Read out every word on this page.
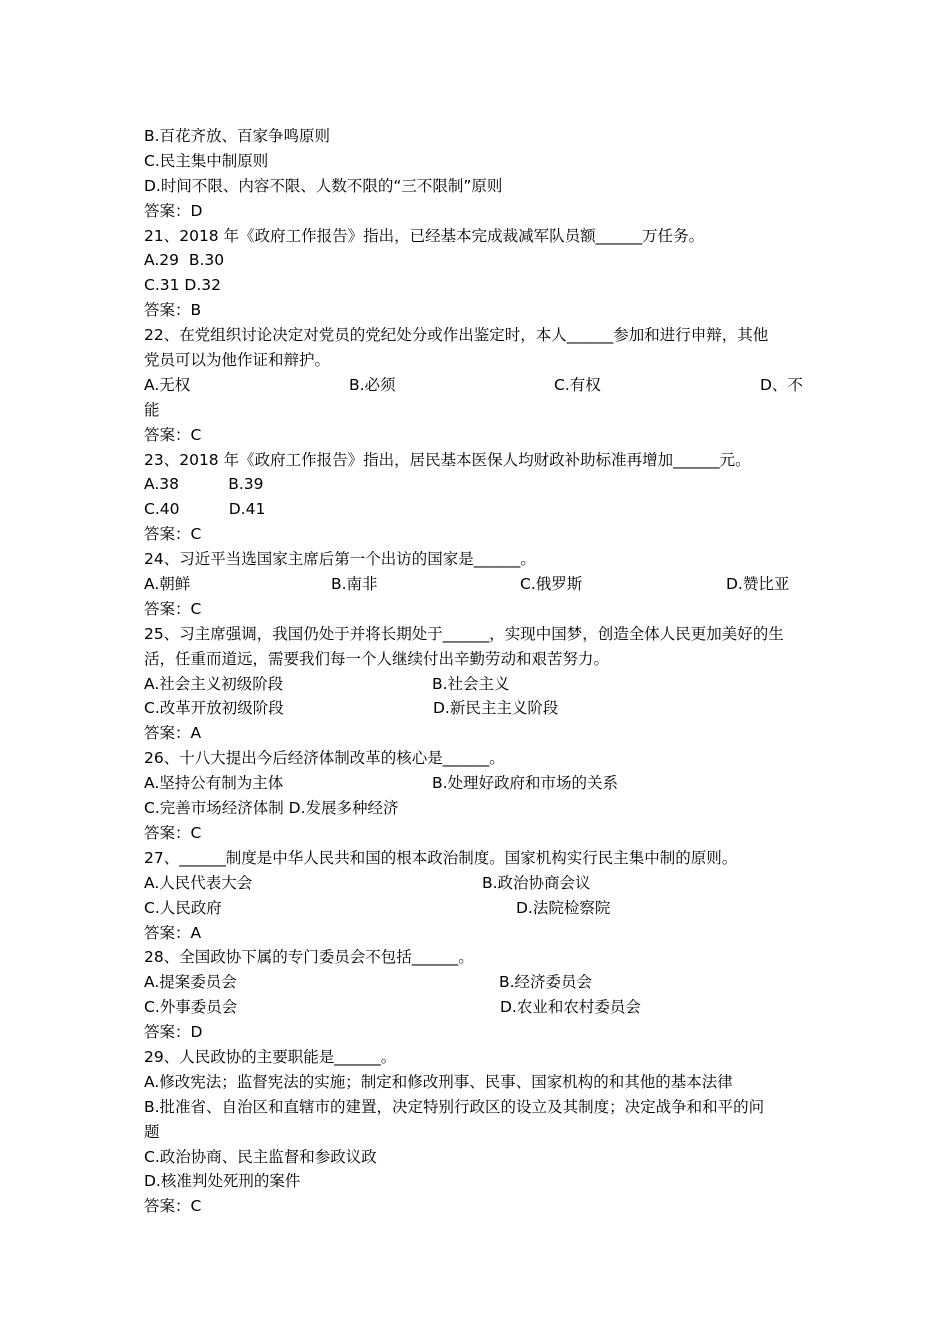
B.百花齐放、百家争鸣原则
C.民主集中制原则
D.时间不限、内容不限、人数不限的“三不限制”原则
答案：D
21、2018 年《政府工作报告》指出，已经基本完成裁减军队员额______万任务。
A.29  B.30
C.31 D.32
答案：B
22、在党组织讨论决定对党员的党纪处分或作出鉴定时，本人______参加和进行申辩，其他
党员可以为他作证和辩护。
A.无权	B.必须	C.有权	D、不
能
答案：C
23、2018 年《政府工作报告》指出，居民基本医保人均财政补助标准再增加______元。
A.38          B.39
C.40          D.41
答案：C
24、习近平当选国家主席后第一个出访的国家是______。
A.朝鲜	B.南非	C.俄罗斯	D.赞比亚
答案：C
25、习主席强调，我国仍处于并将长期处于______，实现中国梦，创造全体人民更加美好的生
活，任重而道远，需要我们每一个人继续付出辛勤劳动和艰苦努力。
A.社会主义初级阶段	B.社会主义
C.改革开放初级阶段	D.新民主主义阶段
答案：A
26、十八大提出今后经济体制改革的核心是______。
A.坚持公有制为主体	B.处理好政府和市场的关系
C.完善市场经济体制 D.发展多种经济
答案：C
27、______制度是中华人民共和国的根本政治制度。国家机构实行民主集中制的原则。
A.人民代表大会	B.政治协商会议
C.人民政府	D.法院检察院
答案：A
28、全国政协下属的专门委员会不包括______。
A.提案委员会	B.经济委员会
C.外事委员会	D.农业和农村委员会
答案：D
29、人民政协的主要职能是______。
A.修改宪法；监督宪法的实施；制定和修改刑事、民事、国家机构的和其他的基本法律
B.批准省、自治区和直辖市的建置，决定特别行政区的设立及其制度；决定战争和和平的问
题
C.政治协商、民主监督和参政议政
D.核准判处死刑的案件
答案：C
